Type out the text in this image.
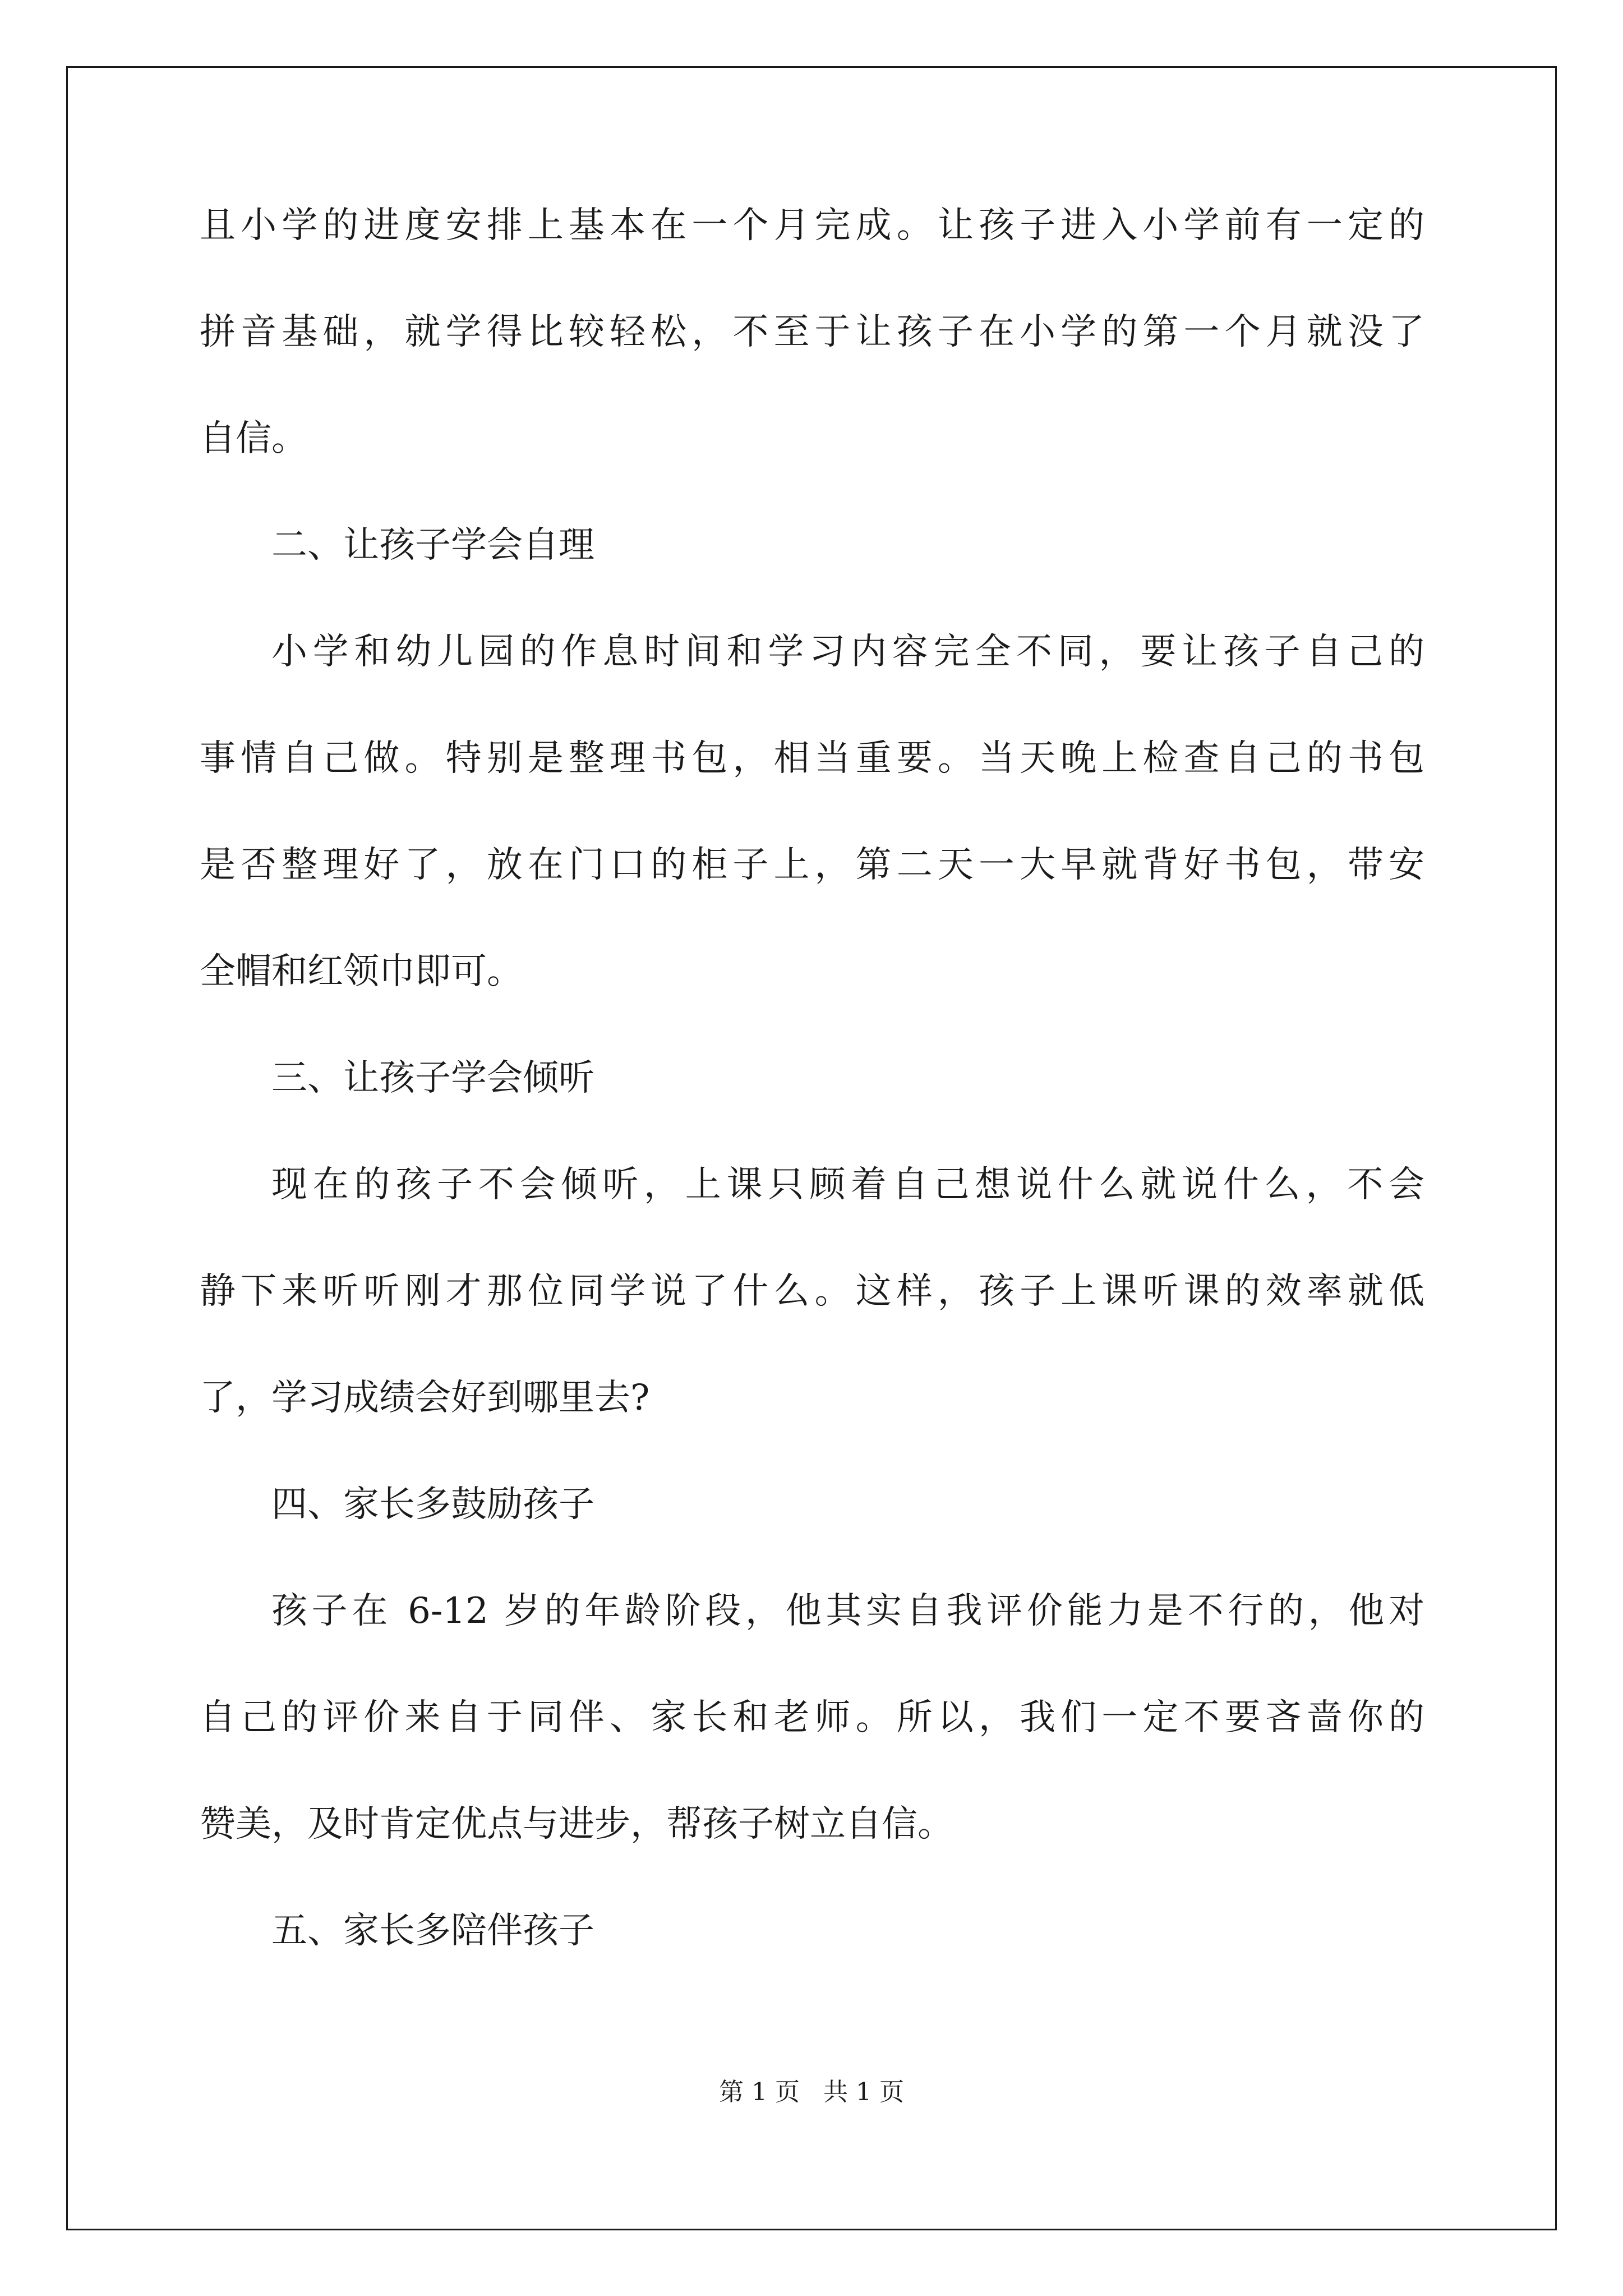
且小学的进度安排上基本在一个月完成。让孩子进入小学前有一定的
拼音基础，就学得比较轻松，不至于让孩子在小学的第一个月就没了
自信。
二、让孩子学会自理
小学和幼儿园的作息时间和学习内容完全不同，要让孩子自己的
事情自己做。特别是整理书包，相当重要。当天晚上检查自己的书包
是否整理好了，放在门口的柜子上，第二天一大早就背好书包，带安
全帽和红领巾即可。
三、让孩子学会倾听
现在的孩子不会倾听，上课只顾着自己想说什么就说什么，不会
静下来听听刚才那位同学说了什么。这样，孩子上课听课的效率就低
了，学习成绩会好到哪里去?
四、家长多鼓励孩子
孩子在 6-12 岁的年龄阶段，他其实自我评价能力是不行的，他对
自己的评价来自于同伴、家长和老师。所以，我们一定不要吝啬你的
赞美，及时肯定优点与进步，帮孩子树立自信。
五、家长多陪伴孩子
第 1 页   共 1 页
